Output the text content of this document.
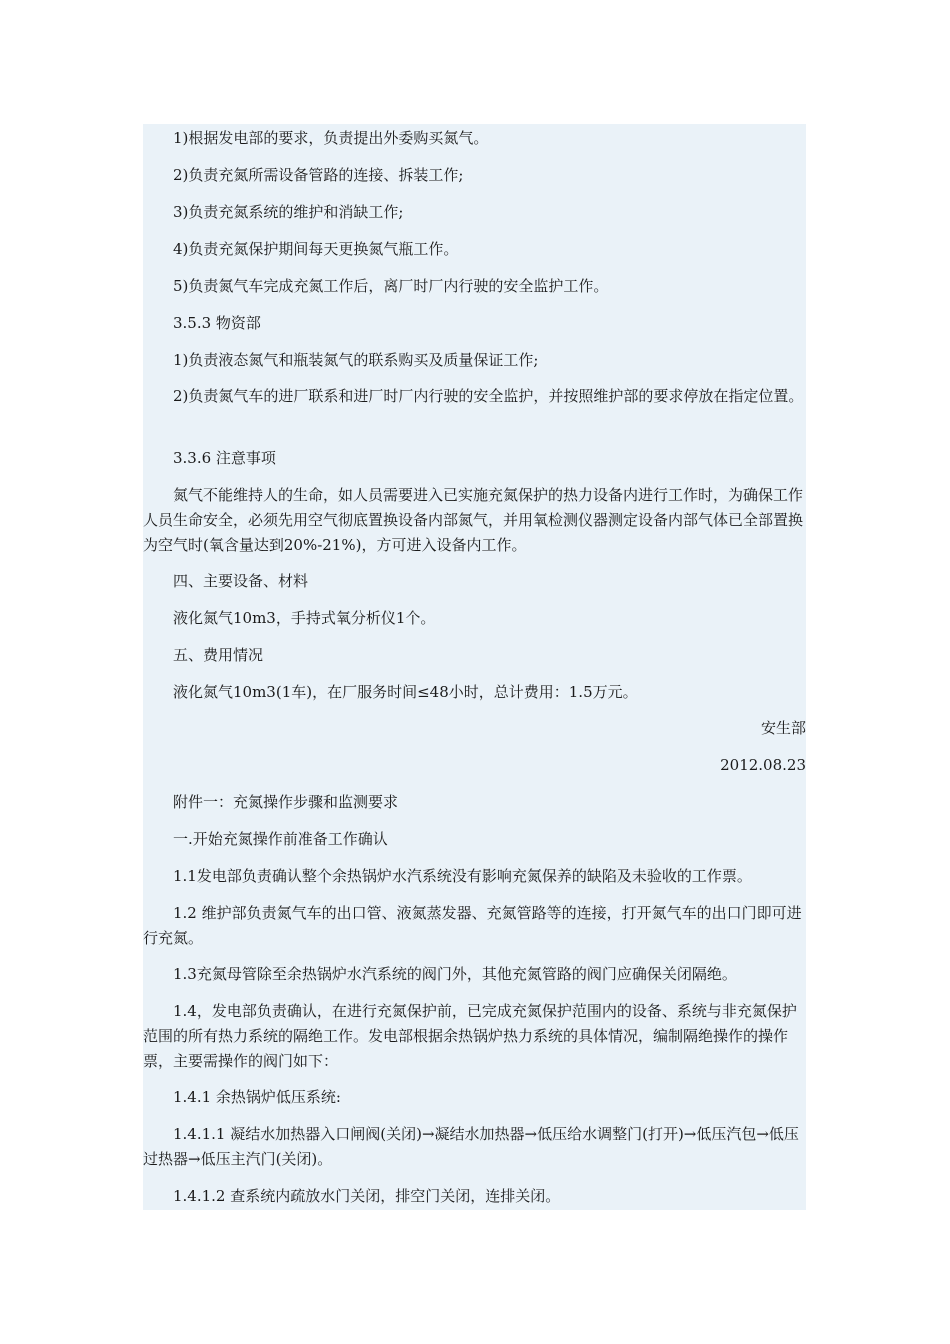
1)根据发电部的要求，负责提出外委购买氮气。

2)负责充氮所需设备管路的连接、拆装工作;

3)负责充氮系统的维护和消缺工作;

4)负责充氮保护期间每天更换氮气瓶工作。

5)负责氮气车完成充氮工作后，离厂时厂内行驶的安全监护工作。

3.5.3 物资部

1)负责液态氮气和瓶装氮气的联系购买及质量保证工作;

2)负责氮气车的进厂联系和进厂时厂内行驶的安全监护，并按照维护部的要求停放在指定位置。

3.3.6 注意事项

氮气不能维持人的生命，如人员需要进入已实施充氮保护的热力设备内进行工作时，为确保工作人员生命安全，必须先用空气彻底置换设备内部氮气，并用氧检测仪器测定设备内部气体已全部置换为空气时(氧含量达到20%-21%)，方可进入设备内工作。

四、主要设备、材料

液化氮气10m3，手持式氧分析仪1个。

五、费用情况

液化氮气10m3(1车)，在厂服务时间≤48小时，总计费用：1.5万元。

安生部

2012.08.23

附件一：充氮操作步骤和监测要求

一.开始充氮操作前准备工作确认

1.1发电部负责确认整个余热锅炉水汽系统没有影响充氮保养的缺陷及未验收的工作票。

1.2 维护部负责氮气车的出口管、液氮蒸发器、充氮管路等的连接，打开氮气车的出口门即可进行充氮。

1.3充氮母管除至余热锅炉水汽系统的阀门外，其他充氮管路的阀门应确保关闭隔绝。

1.4，发电部负责确认，在进行充氮保护前，已完成充氮保护范围内的设备、系统与非充氮保护范围的所有热力系统的隔绝工作。发电部根据余热锅炉热力系统的具体情况，编制隔绝操作的操作票，主要需操作的阀门如下：

1.4.1 余热锅炉低压系统:

1.4.1.1 凝结水加热器入口闸阀(关闭)→凝结水加热器→低压给水调整门(打开)→低压汽包→低压过热器→低压主汽门(关闭)。

1.4.1.2 查系统内疏放水门关闭，排空门关闭，连排关闭。
